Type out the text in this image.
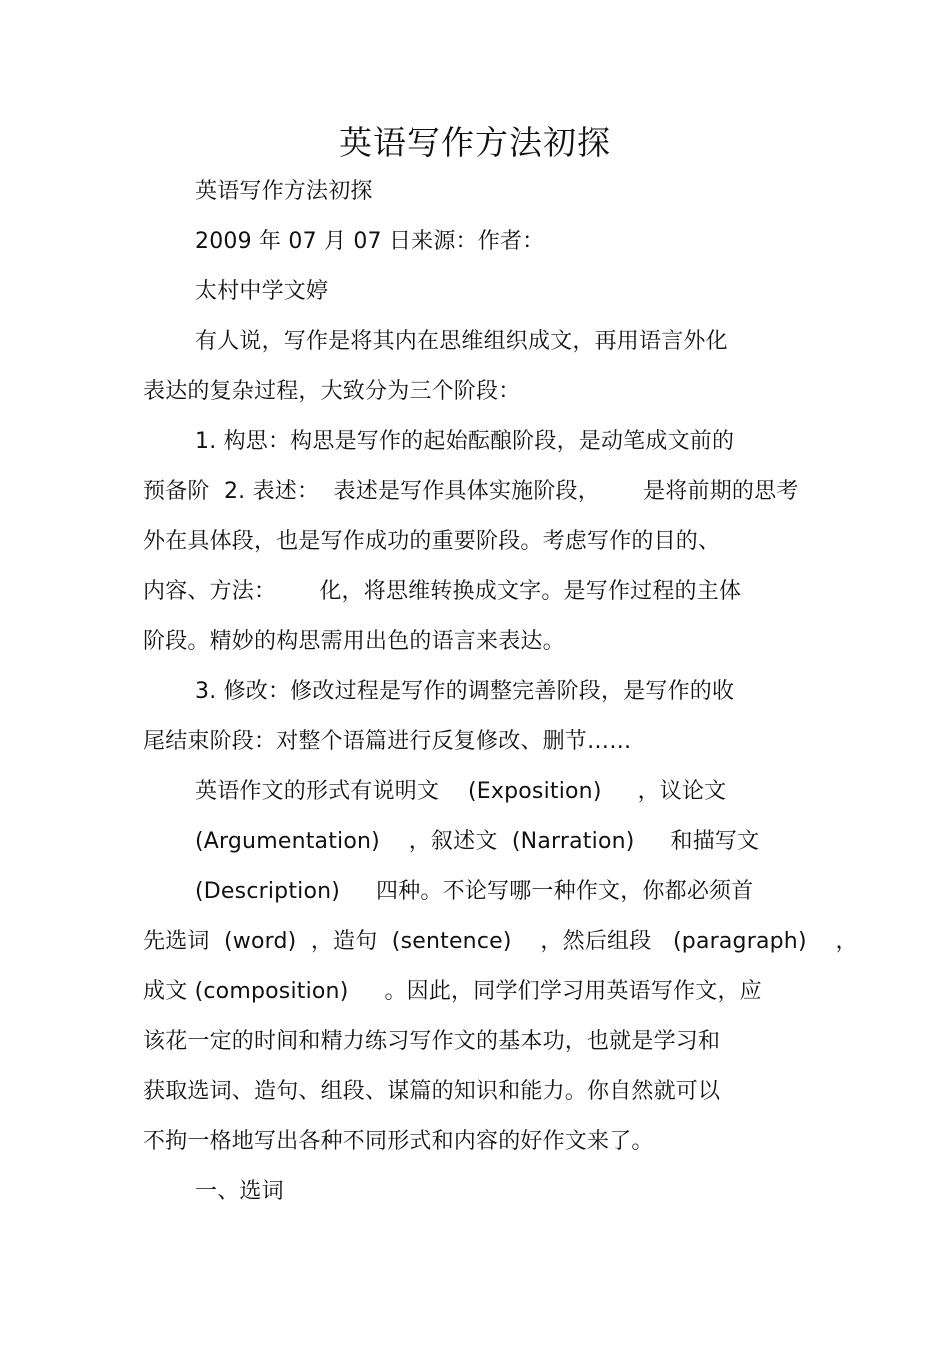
英语写作方法初探
英语写作方法初探
2009 年 07 月 07 日来源：作者：
太村中学文婷
有人说，写作是将其内在思维组织成文，再用语言外化
表达的复杂过程，大致分为三个阶段：
1. 构思：构思是写作的起始酝酿阶段，是动笔成文前的
预备阶  2. 表述：  表述是写作具体实施阶段，      是将前期的思考
外在具体段，也是写作成功的重要阶段。考虑写作的目的、
内容、方法：      化，将思维转换成文字。是写作过程的主体
阶段。精妙的构思需用出色的语言来表达。
3. 修改：修改过程是写作的调整完善阶段，是写作的收
尾结束阶段：对整个语篇进行反复修改、删节……
英语作文的形式有说明文    (Exposition)     ，议论文
(Argumentation)    ，叙述文  (Narration)     和描写文
(Description)     四种。不论写哪一种作文，你都必须首
先选词  (word)  ，造句  (sentence)    ，然后组段   (paragraph)    ，
成文 (composition)     。因此，同学们学习用英语写作文，应
该花一定的时间和精力练习写作文的基本功，也就是学习和
获取选词、造句、组段、谋篇的知识和能力。你自然就可以
不拘一格地写出各种不同形式和内容的好作文来了。
一、选词
